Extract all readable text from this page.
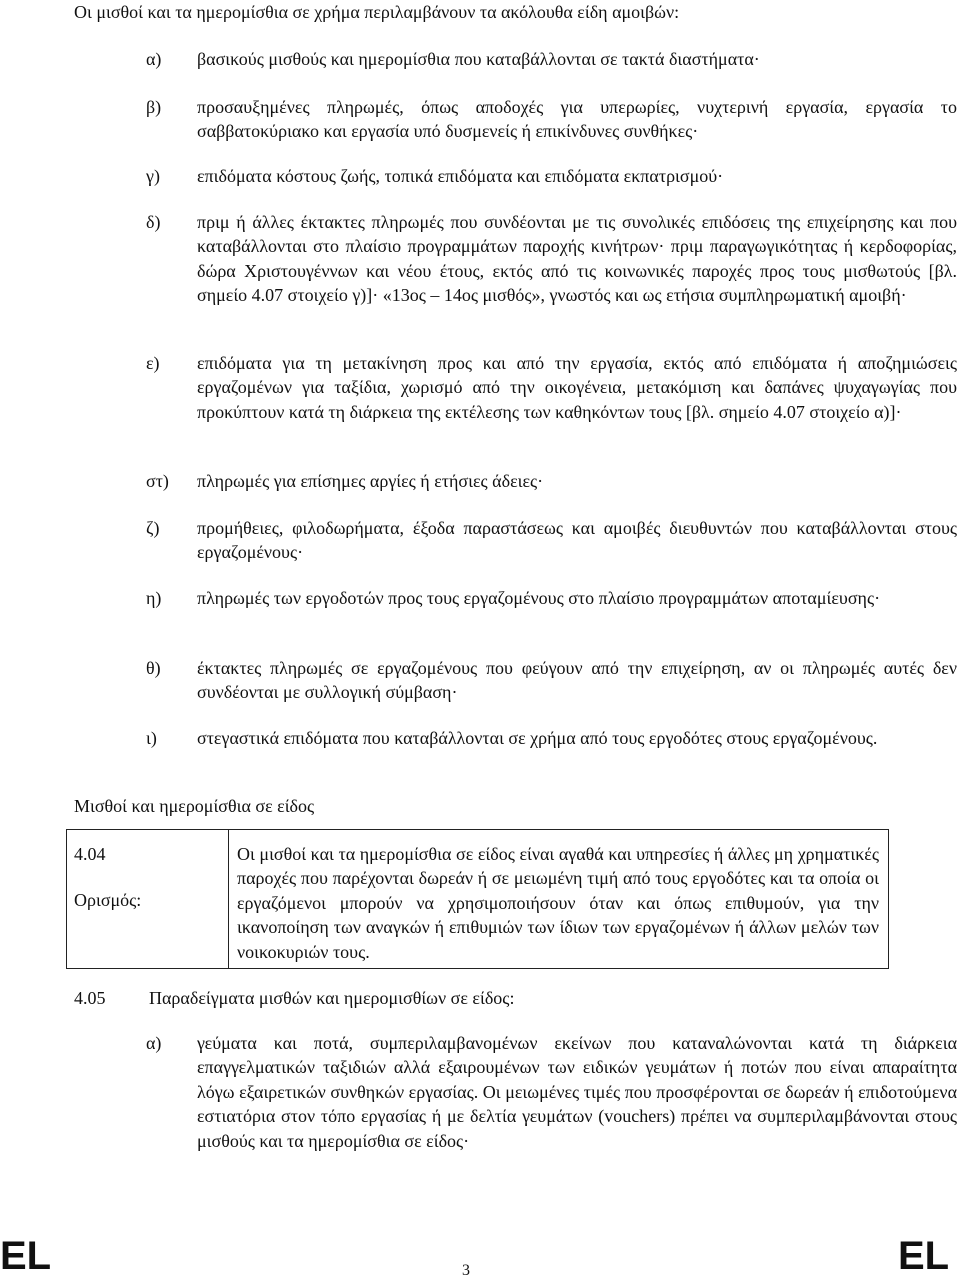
Οι μισθοί και τα ημερομίσθια σε χρήμα περιλαμβάνουν τα ακόλουθα είδη αμοιβών:
α) βασικούς μισθούς και ημερομίσθια που καταβάλλονται σε τακτά διαστήματα·
β) προσαυξημένες πληρωμές, όπως αποδοχές για υπερωρίες, νυχτερινή εργασία, εργασία το σαββατοκύριακο και εργασία υπό δυσμενείς ή επικίνδυνες συνθήκες·
γ) επιδόματα κόστους ζωής, τοπικά επιδόματα και επιδόματα εκπατρισμού·
δ) πριμ ή άλλες έκτακτες πληρωμές που συνδέονται με τις συνολικές επιδόσεις της επιχείρησης και που καταβάλλονται στο πλαίσιο προγραμμάτων παροχής κινήτρων· πριμ παραγωγικότητας ή κερδοφορίας, δώρα Χριστουγέννων και νέου έτους, εκτός από τις κοινωνικές παροχές προς τους μισθωτούς [βλ. σημείο 4.07 στοιχείο γ)]· «13ος – 14ος μισθός», γνωστός και ως ετήσια συμπληρωματική αμοιβή·
ε) επιδόματα για τη μετακίνηση προς και από την εργασία, εκτός από επιδόματα ή αποζημιώσεις εργαζομένων για ταξίδια, χωρισμό από την οικογένεια, μετακόμιση και δαπάνες ψυχαγωγίας που προκύπτουν κατά τη διάρκεια της εκτέλεσης των καθηκόντων τους [βλ. σημείο 4.07 στοιχείο α)]·
στ) πληρωμές για επίσημες αργίες ή ετήσιες άδειες·
ζ) προμήθειες, φιλοδωρήματα, έξοδα παραστάσεως και αμοιβές διευθυντών που καταβάλλονται στους εργαζομένους·
η) πληρωμές των εργοδοτών προς τους εργαζομένους στο πλαίσιο προγραμμάτων αποταμίευσης·
θ) έκτακτες πληρωμές σε εργαζομένους που φεύγουν από την επιχείρηση, αν οι πληρωμές αυτές δεν συνδέονται με συλλογική σύμβαση·
ι) στεγαστικά επιδόματα που καταβάλλονται σε χρήμα από τους εργοδότες στους εργαζομένους.
Μισθοί και ημερομίσθια σε είδος
4.04
Ορισμός:
Οι μισθοί και τα ημερομίσθια σε είδος είναι αγαθά και υπηρεσίες ή άλλες μη χρηματικές παροχές που παρέχονται δωρεάν ή σε μειωμένη τιμή από τους εργοδότες και τα οποία οι εργαζόμενοι μπορούν να χρησιμοποιήσουν όταν και όπως επιθυμούν, για την ικανοποίηση των αναγκών ή επιθυμιών των ίδιων των εργαζομένων ή άλλων μελών των νοικοκυριών τους.
4.05 Παραδείγματα μισθών και ημερομισθίων σε είδος:
α) γεύματα και ποτά, συμπεριλαμβανομένων εκείνων που καταναλώνονται κατά τη διάρκεια επαγγελματικών ταξιδιών αλλά εξαιρουμένων των ειδικών γευμάτων ή ποτών που είναι απαραίτητα λόγω εξαιρετικών συνθηκών εργασίας. Οι μειωμένες τιμές που προσφέρονται σε δωρεάν ή επιδοτούμενα εστιατόρια στον τόπο εργασίας ή με δελτία γευμάτων (vouchers) πρέπει να συμπεριλαμβάνονται στους μισθούς και τα ημερομίσθια σε είδος·
EL	3	EL
